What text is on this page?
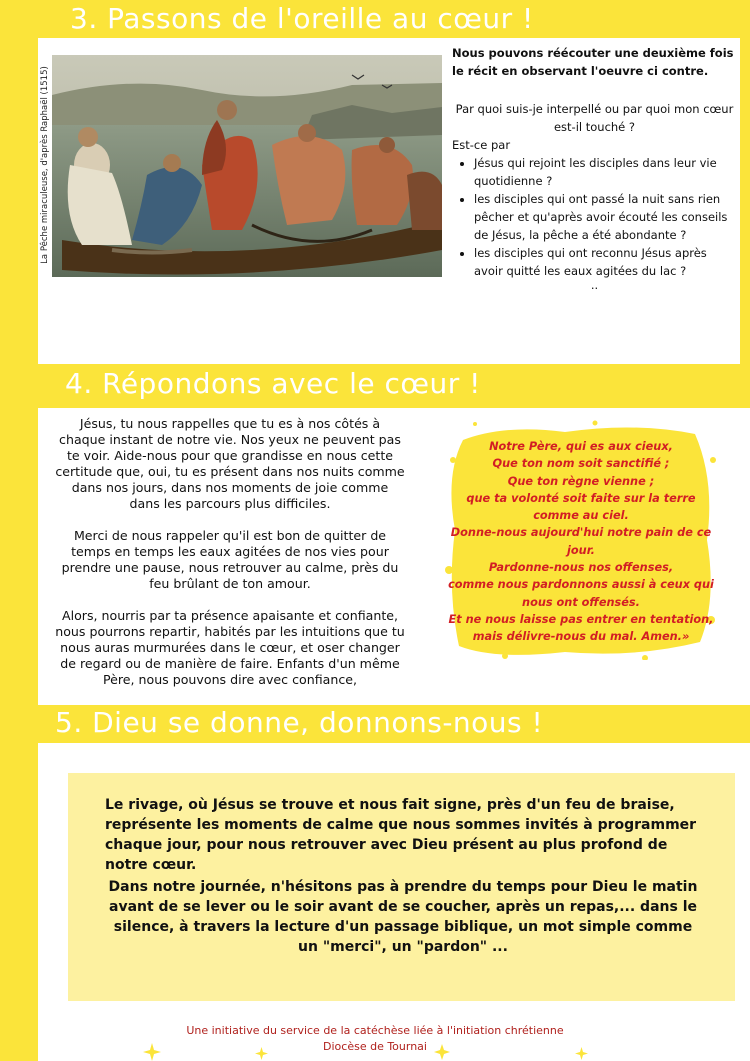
3. Passons de l'oreille au cœur !
La Pêche miraculeuse, d'après Raphaël (1515)
Nous pouvons réécouter une deuxième fois le récit en observant l'oeuvre ci contre.
Par quoi suis-je interpellé ou par quoi mon cœur est-il touché ?
Est-ce par
• Jésus qui rejoint les disciples dans leur vie quotidienne ?
• les disciples qui ont passé la nuit sans rien pêcher et qu'après avoir écouté les conseils de Jésus, la pêche a été abondante ?
• les disciples qui ont reconnu Jésus après avoir quitté les eaux agitées du lac ?
..
4. Répondons avec le cœur !

Jésus, tu nous rappelles que tu es à nos côtés à chaque instant de notre vie. Nos yeux ne peuvent pas te voir. Aide-nous pour que grandisse en nous cette certitude que, oui, tu es présent dans nos nuits comme dans nos jours, dans nos moments de joie comme dans les parcours plus difficiles.

Merci de nous rappeler qu'il est bon de quitter de temps en temps les eaux agitées de nos vies pour prendre une pause, nous retrouver au calme, près du feu brûlant de ton amour.

Alors, nourris par ta présence apaisante et confiante, nous pourrons repartir, habités par les intuitions que tu nous auras murmurées dans le cœur, et oser changer de regard ou de manière de faire. Enfants d'un même Père, nous pouvons dire avec confiance,

Notre Père, qui es aux cieux,
Que ton nom soit sanctifié ;
Que ton règne vienne ;
que ta volonté soit faite sur la terre
comme au ciel.
Donne-nous aujourd'hui notre pain de ce jour.
Pardonne-nous nos offenses,
comme nous pardonnons aussi à ceux qui nous ont offensés.
Et ne nous laisse pas entrer en tentation,
mais délivre-nous du mal. Amen.»
5. Dieu se donne, donnons-nous !

Le rivage, où Jésus se trouve et nous fait signe, près d'un feu de braise, représente les moments de calme que nous sommes invités à programmer chaque jour, pour nous retrouver avec Dieu présent au plus profond de notre cœur.

Dans notre journée, n'hésitons pas à prendre du temps pour Dieu le matin avant de se lever ou le soir avant de se coucher, après un repas,... dans le silence, à travers la lecture d'un passage biblique, un mot simple comme un "merci", un "pardon" ...

Une initiative du service de la catéchèse liée à l'initiation chrétienne
Diocèse de Tournai
